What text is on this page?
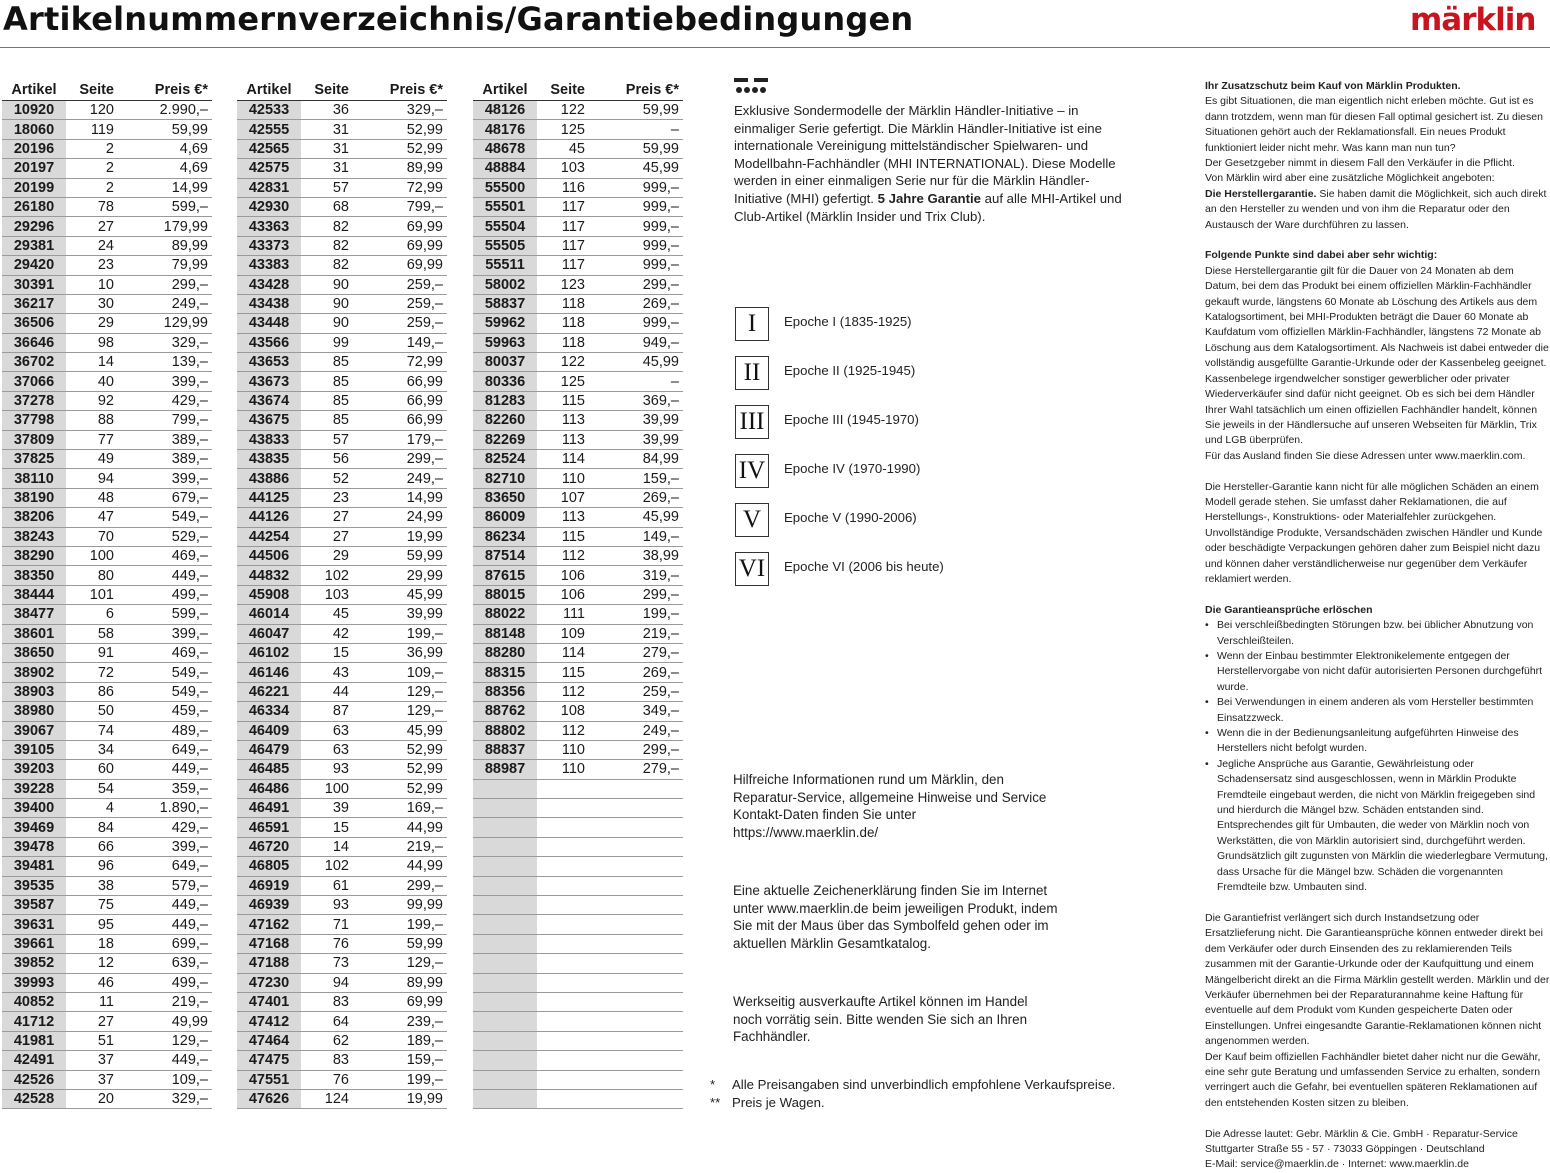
Artikelnummernverzeichnis/Garantiebedingungen	märklin
Artikel	Seite	Preis €*
10920	120	2.990,–
18060	119	59,99
20196	2	4,69
20197	2	4,69
20199	2	14,99
26180	78	599,–
29296	27	179,99
29381	24	89,99
29420	23	79,99
30391	10	299,–
36217	30	249,–
36506	29	129,99
36646	98	329,–
36702	14	139,–
37066	40	399,–
37278	92	429,–
37798	88	799,–
37809	77	389,–
37825	49	389,–
38110	94	399,–
38190	48	679,–
38206	47	549,–
38243	70	529,–
38290	100	469,–
38350	80	449,–
38444	101	499,–
38477	6	599,–
38601	58	399,–
38650	91	469,–
38902	72	549,–
38903	86	549,–
38980	50	459,–
39067	74	489,–
39105	34	649,–
39203	60	449,–
39228	54	359,–
39400	4	1.890,–
39469	84	429,–
39478	66	399,–
39481	96	649,–
39535	38	579,–
39587	75	449,–
39631	95	449,–
39661	18	699,–
39852	12	639,–
39993	46	499,–
40852	11	219,–
41712	27	49,99
41981	51	129,–
42491	37	449,–
42526	37	109,–
42528	20	329,–
Artikel	Seite	Preis €*
42533	36	329,–
42555	31	52,99
42565	31	52,99
42575	31	89,99
42831	57	72,99
42930	68	799,–
43363	82	69,99
43373	82	69,99
43383	82	69,99
43428	90	259,–
43438	90	259,–
43448	90	259,–
43566	99	149,–
43653	85	72,99
43673	85	66,99
43674	85	66,99
43675	85	66,99
43833	57	179,–
43835	56	299,–
43886	52	249,–
44125	23	14,99
44126	27	24,99
44254	27	19,99
44506	29	59,99
44832	102	29,99
45908	103	45,99
46014	45	39,99
46047	42	199,–
46102	15	36,99
46146	43	109,–
46221	44	129,–
46334	87	129,–
46409	63	45,99
46479	63	52,99
46485	93	52,99
46486	100	52,99
46491	39	169,–
46591	15	44,99
46720	14	219,–
46805	102	44,99
46919	61	299,–
46939	93	99,99
47162	71	199,–
47168	76	59,99
47188	73	129,–
47230	94	89,99
47401	83	69,99
47412	64	239,–
47464	62	189,–
47475	83	159,–
47551	76	199,–
47626	124	19,99
Artikel	Seite	Preis €*
48126	122	59,99
48176	125	–
48678	45	59,99
48884	103	45,99
55500	116	999,–
55501	117	999,–
55504	117	999,–
55505	117	999,–
55511	117	999,–
58002	123	299,–
58837	118	269,–
59962	118	999,–
59963	118	949,–
80037	122	45,99
80336	125	–
81283	115	369,–
82260	113	39,99
82269	113	39,99
82524	114	84,99
82710	110	159,–
83650	107	269,–
86009	113	45,99
86234	115	149,–
87514	112	38,99
87615	106	319,–
88015	106	299,–
88022	111	199,–
88148	109	219,–
88280	114	279,–
88315	115	269,–
88356	112	259,–
88762	108	349,–
88802	112	249,–
88837	110	299,–
88987	110	279,–

Exklusive Sondermodelle der Märklin Händler-Initiative – in einmaliger Serie gefertigt. Die Märklin Händler-Initiative ist eine internationale Vereinigung mittelständischer Spielwaren- und Modellbahn-Fachhändler (MHI INTERNATIONAL). Diese Modelle werden in einer einmaligen Serie nur für die Märklin Händler-Initiative (MHI) gefertigt. 5 Jahre Garantie auf alle MHI-Artikel und Club-Artikel (Märklin Insider und Trix Club).
I	Epoche I (1835-1925)
II	Epoche II (1925-1945)
III	Epoche III (1945-1970)
IV Epoche IV (1970-1990)
V	Epoche V (1990-2006)
VI Epoche VI (2006 bis heute)
Hilfreiche Informationen rund um Märklin, den Reparatur-Service, allgemeine Hinweise und Service Kontakt-Daten finden Sie unter https://www.maerklin.de/
Eine aktuelle Zeichenerklärung finden Sie im Internet unter www.maerklin.de beim jeweiligen Produkt, indem Sie mit der Maus über das Symbolfeld gehen oder im aktuellen Märklin Gesamtkatalog.
Werkseitig ausverkaufte Artikel können im Handel noch vorrätig sein. Bitte wenden Sie sich an Ihren Fachhändler.
* Alle Preisangaben sind unverbindlich empfohlene Verkaufspreise.
** Preis je Wagen.

Ihr Zusatzschutz beim Kauf von Märklin Produkten.

Es gibt Situationen, die man eigentlich nicht erleben möchte. Gut ist es dann trotzdem, wenn man für diesen Fall optimal gesichert ist. Zu diesen Situationen gehört auch der Reklamationsfall. Ein neues Produkt funktioniert leider nicht mehr. Was kann man nun tun?

Der Gesetzgeber nimmt in diesem Fall den Verkäufer in die Pflicht.

Von Märklin wird aber eine zusätzliche Möglichkeit angeboten:

Die Herstellergarantie. Sie haben damit die Möglichkeit, sich auch direkt an den Hersteller zu wenden und von ihm die Reparatur oder den Austausch der Ware durchführen zu lassen.

Folgende Punkte sind dabei aber sehr wichtig:

Diese Herstellergarantie gilt für die Dauer von 24 Monaten ab dem Datum, bei dem das Produkt bei einem offiziellen Märklin-Fachhändler gekauft wurde, längstens 60 Monate ab Löschung des Artikels aus dem Katalogsortiment, bei MHI-Produkten beträgt die Dauer 60 Monate ab Kaufdatum vom offiziellen Märklin-Fachhändler, längstens 72 Monate ab Löschung aus dem Katalogsortiment. Als Nachweis ist dabei entweder die vollständig ausgefüllte Garantie-Urkunde oder der Kassenbeleg geeignet. Kassenbelege irgendwelcher sonstiger gewerblicher oder privater Wiederverkäufer sind dafür nicht geeignet. Ob es sich bei dem Händler Ihrer Wahl tatsächlich um einen offiziellen Fachhändler handelt, können Sie jeweils in der Händlersuche auf unseren Webseiten für Märklin, Trix und LGB überprüfen.

Für das Ausland finden Sie diese Adressen unter www.maerklin.com.

Die Hersteller-Garantie kann nicht für alle möglichen Schäden an einem Modell gerade stehen. Sie umfasst daher Reklamationen, die auf Herstellungs-, Konstruktions- oder Materialfehler zurückgehen. Unvollständige Produkte, Versandschäden zwischen Händler und Kunde oder beschädigte Verpackungen gehören daher zum Beispiel nicht dazu und können daher verständlicherweise nur gegenüber dem Verkäufer reklamiert werden.

Die Garantieansprüche erlöschen

• Bei verschleißbedingten Störungen bzw. bei üblicher Abnutzung von Verschleißteilen.
• Wenn der Einbau bestimmter Elektronikelemente entgegen der Herstellervorgabe von nicht dafür autorisierten Personen durchgeführt wurde.
• Bei Verwendungen in einem anderen als vom Hersteller bestimmten Einsatzzweck.
• Wenn die in der Bedienungsanleitung aufgeführten Hinweise des Herstellers nicht befolgt wurden.
• Jegliche Ansprüche aus Garantie, Gewährleistung oder Schadensersatz sind ausgeschlossen, wenn in Märklin Produkte Fremdteile eingebaut werden, die nicht von Märklin freigegeben sind und hierdurch die Mängel bzw. Schäden entstanden sind. Entsprechendes gilt für Umbauten, die weder von Märklin noch von Werkstätten, die von Märklin autorisiert sind, durchgeführt werden. Grundsätzlich gilt zugunsten von Märklin die wiederlegbare Vermutung, dass Ursache für die Mängel bzw. Schäden die vorgenannten Fremdteile bzw. Umbauten sind.

Die Garantiefrist verlängert sich durch Instandsetzung oder Ersatzlieferung nicht. Die Garantieansprüche können entweder direkt bei dem Verkäufer oder durch Einsenden des zu reklamierenden Teils zusammen mit der Garantie-Urkunde oder der Kaufquittung und einem Mängelbericht direkt an die Firma Märklin gestellt werden. Märklin und der Verkäufer übernehmen bei der Reparaturannahme keine Haftung für eventuelle auf dem Produkt vom Kunden gespeicherte Daten oder Einstellungen. Unfrei eingesandte Garantie-Reklamationen können nicht angenommen werden.

Der Kauf beim offiziellen Fachhändler bietet daher nicht nur die Gewähr, eine sehr gute Beratung und umfassenden Service zu erhalten, sondern verringert auch die Gefahr, bei eventuellen späteren Reklamationen auf den entstehenden Kosten sitzen zu bleiben.

Die Adresse lautet: Gebr. Märklin & Cie. GmbH · Reparatur-Service

Stuttgarter Straße 55 - 57 · 73033 Göppingen · Deutschland

E-Mail: service@maerklin.de · Internet: www.maerklin.de
